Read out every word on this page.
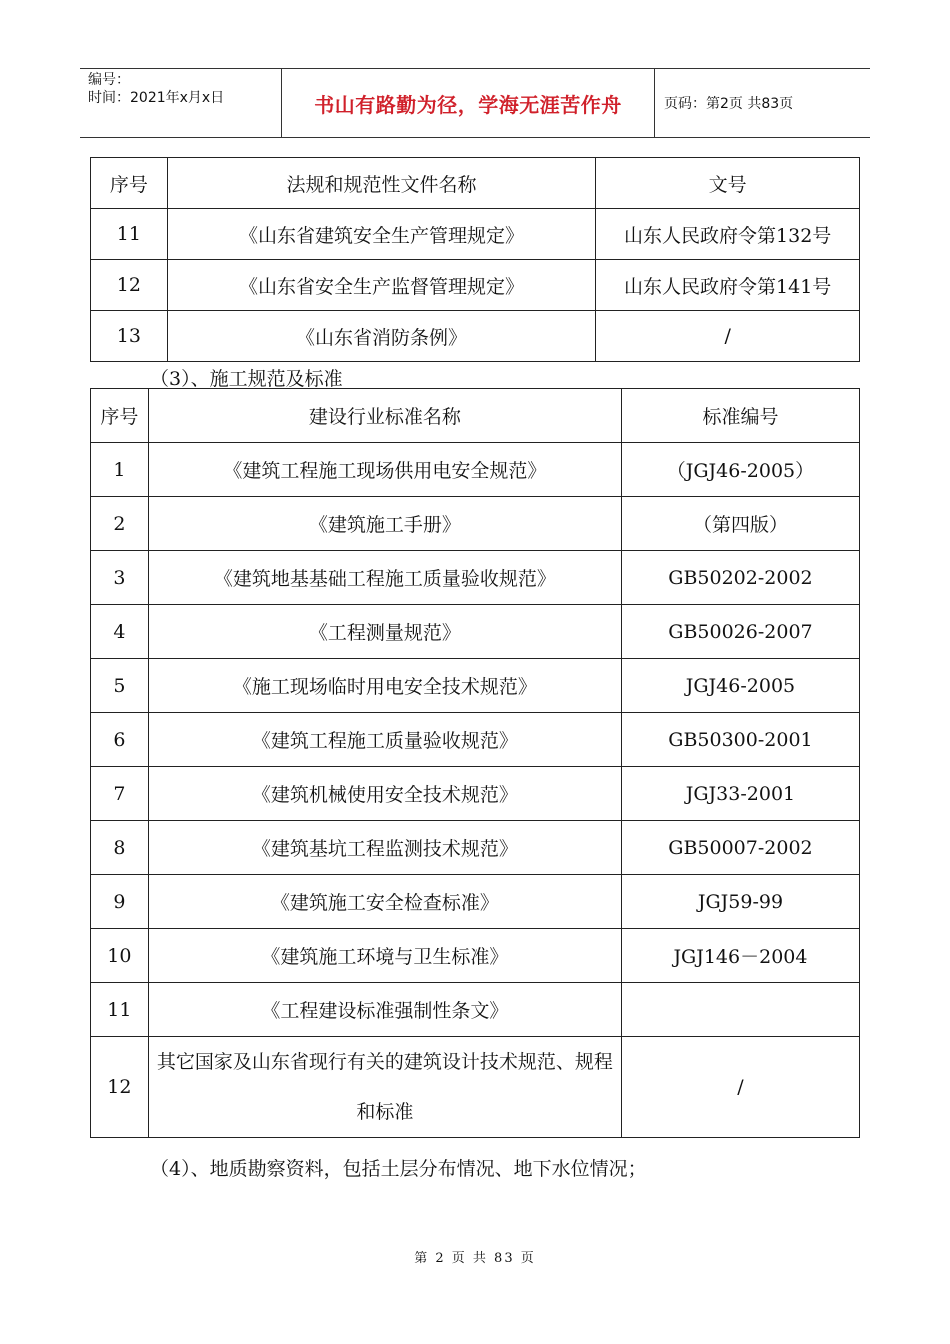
编号：
时间：2021年x月x日	书山有路勤为径，学海无涯苦作舟	页码：第2页 共83页
序号	法规和规范性文件名称	文号
11	《山东省建筑安全生产管理规定》	山东人民政府令第132号
12	《山东省安全生产监督管理规定》	山东人民政府令第141号
13	《山东省消防条例》	/
（3）、施工规范及标准
序号	建设行业标准名称	标准编号
1	《建筑工程施工现场供用电安全规范》	（JGJ46-2005）
2	《建筑施工手册》	（第四版）
3	《建筑地基基础工程施工质量验收规范》	GB50202-2002
4	《工程测量规范》	GB50026-2007
5	《施工现场临时用电安全技术规范》	JGJ46-2005
6	《建筑工程施工质量验收规范》	GB50300-2001
7	《建筑机械使用安全技术规范》	JGJ33-2001
8	《建筑基坑工程监测技术规范》	GB50007-2002
9	《建筑施工安全检查标准》	JGJ59-99
10	《建筑施工环境与卫生标准》	JGJ146－2004
11	《工程建设标准强制性条文》	
12	其它国家及山东省现行有关的建筑设计技术规范、规程和标准	/
（4）、地质勘察资料，包括土层分布情况、地下水位情况；
第 2 页 共 83 页
